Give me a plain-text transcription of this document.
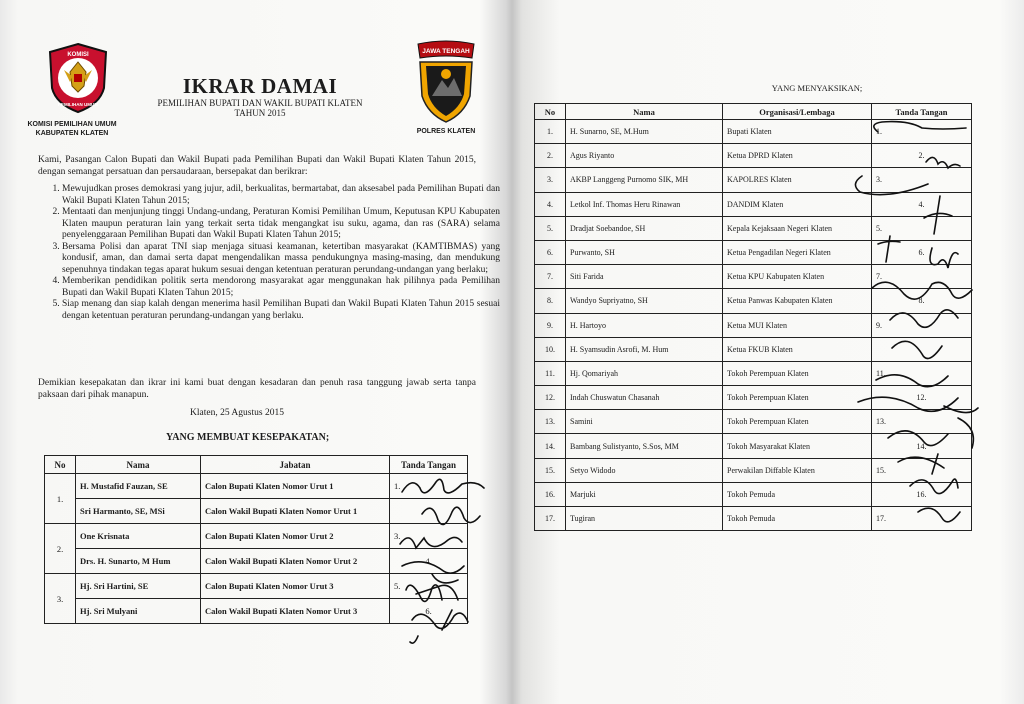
KOMISI
PEMILIHAN UMUM
KOMISI PEMILIHAN UMUM
KABUPATEN KLATEN
IKRAR DAMAI
PEMILIHAN BUPATI DAN WAKIL BUPATI KLATEN
TAHUN 2015
JAWA TENGAH
POLRES KLATEN
Kami, Pasangan Calon Bupati dan Wakil Bupati pada Pemilihan Bupati dan Wakil Bupati Klaten Tahun 2015, dengan semangat persatuan dan persaudaraan, bersepakat dan berikrar:
1. Mewujudkan proses demokrasi yang jujur, adil, berkualitas, bermartabat, dan aksesabel pada Pemilihan Bupati dan Wakil Bupati Klaten Tahun 2015;
2. Mentaati dan menjunjung tinggi Undang-undang, Peraturan Komisi Pemilihan Umum, Keputusan KPU Kabupaten Klaten maupun peraturan lain yang terkait serta tidak mengangkat isu suku, agama, dan ras (SARA) selama penyelenggaraan Pemilihan Bupati dan Wakil Bupati Klaten Tahun 2015;
3. Bersama Polisi dan aparat TNI siap menjaga situasi keamanan, ketertiban masyarakat (KAMTIBMAS) yang kondusif, aman, dan damai serta dapat mengendalikan massa pendukungnya masing-masing, dan mendukung sepenuhnya tindakan tegas aparat hukum sesuai dengan ketentuan peraturan perundang-undangan yang berlaku;
4. Memberikan pendidikan politik serta mendorong masyarakat agar menggunakan hak pilihnya pada Pemilihan Bupati dan Wakil Bupati Klaten Tahun 2015;
5. Siap menang dan siap kalah dengan menerima hasil Pemilihan Bupati dan Wakil Bupati Klaten Tahun 2015 sesuai dengan ketentuan peraturan perundang-undangan yang berlaku.
Demikian kesepakatan dan ikrar ini kami buat dengan kesadaran dan penuh rasa tanggung jawab serta tanpa paksaan dari pihak manapun.
Klaten, 25 Agustus 2015
YANG MEMBUAT KESEPAKATAN;
No	Nama	Jabatan	Tanda Tangan
1.	H. Mustafid Fauzan, SE	Calon Bupati Klaten Nomor Urut 1	1.
	Sri Harmanto, SE, MSi	Calon Wakil Bupati Klaten Nomor Urut 1	
2.	One Krisnata	Calon Bupati Klaten Nomor Urut 2	3.
	Drs. H. Sunarto, M Hum	Calon Wakil Bupati Klaten Nomor Urut 2	4.
3.	Hj. Sri Hartini, SE	Calon Bupati Klaten Nomor Urut 3	5.
	Hj. Sri Mulyani	Calon Wakil Bupati Klaten Nomor Urut 3	6.
YANG MENYAKSIKAN;
No	Nama	Organisasi/Lembaga	Tanda Tangan
1.	H. Sunarno, SE, M.Hum	Bupati Klaten	1.
2.	Agus Riyanto	Ketua DPRD Klaten	2.
3.	AKBP Langgeng Purnomo SIK, MH	KAPOLRES Klaten	3.
4.	Letkol Inf. Thomas Heru Rinawan	DANDIM Klaten	4.
5.	Dradjat Soebandoe, SH	Kepala Kejaksaan Negeri Klaten	5.
6.	Purwanto, SH	Ketua Pengadilan Negeri Klaten	6.
7.	Siti Farida	Ketua KPU Kabupaten Klaten	7.
8.	Wandyo Supriyatno, SH	Ketua Panwas Kabupaten Klaten	8.
9.	H. Hartoyo	Ketua MUI Klaten	9.
10.	H. Syamsudin Asrofi, M. Hum	Ketua FKUB Klaten	
11.	Hj. Qomariyah	Tokoh Perempuan Klaten	11.
12.	Indah Chuswatun Chasanah	Tokoh Perempuan Klaten	12.
13.	Samini	Tokoh Perempuan Klaten	13.
14.	Bambang Sulistyanto, S.Sos, MM	Tokoh Masyarakat Klaten	14.
15.	Setyo Widodo	Perwakilan Diffable Klaten	15.
16.	Marjuki	Tokoh Pemuda	16.
17.	Tugiran	Tokoh Pemuda	17.
